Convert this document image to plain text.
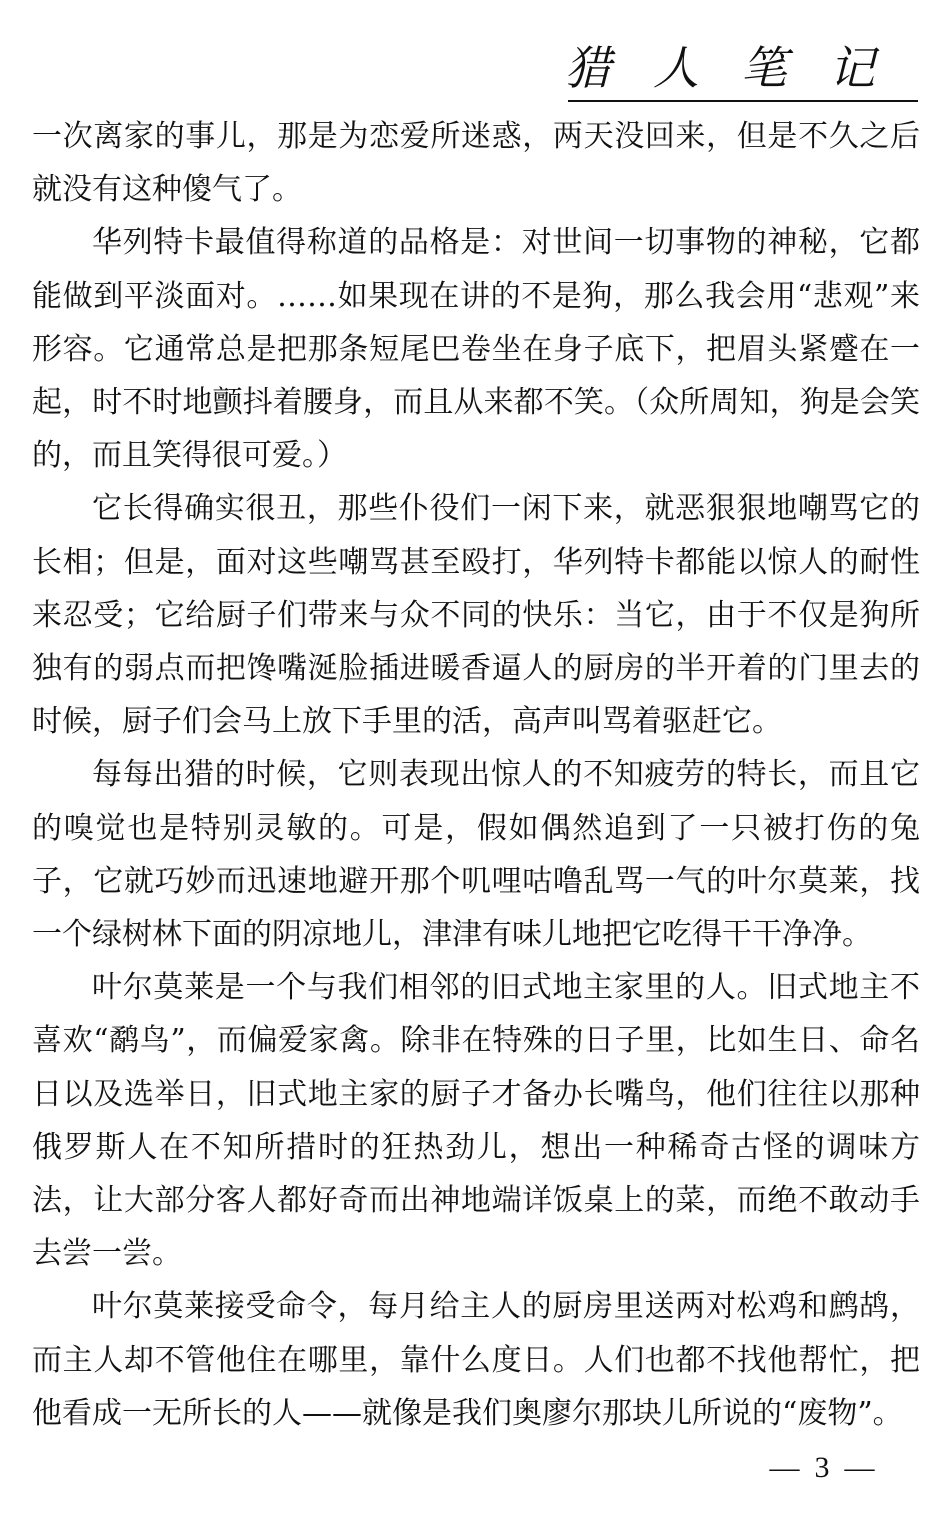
猎人笔记

一次离家的事儿，那是为恋爱所迷惑，两天没回来，但是不久之后就没有这种傻气了。

华列特卡最值得称道的品格是：对世间一切事物的神秘，它都能做到平淡面对。……如果现在讲的不是狗，那么我会用“悲观”来形容。它通常总是把那条短尾巴卷坐在身子底下，把眉头紧蹙在一起，时不时地颤抖着腰身，而且从来都不笑。（众所周知，狗是会笑的，而且笑得很可爱。）

它长得确实很丑，那些仆役们一闲下来，就恶狠狠地嘲骂它的长相；但是，面对这些嘲骂甚至殴打，华列特卡都能以惊人的耐性来忍受；它给厨子们带来与众不同的快乐：当它，由于不仅是狗所独有的弱点而把馋嘴涎脸插进暖香逼人的厨房的半开着的门里去的时候，厨子们会马上放下手里的活，高声叫骂着驱赶它。

每每出猎的时候，它则表现出惊人的不知疲劳的特长，而且它的嗅觉也是特别灵敏的。可是，假如偶然追到了一只被打伤的兔子，它就巧妙而迅速地避开那个叽哩咕噜乱骂一气的叶尔莫莱，找一个绿树林下面的阴凉地儿，津津有味儿地把它吃得干干净净。

叶尔莫莱是一个与我们相邻的旧式地主家里的人。旧式地主不喜欢“鹬鸟”，而偏爱家禽。除非在特殊的日子里，比如生日、命名日以及选举日，旧式地主家的厨子才备办长嘴鸟，他们往往以那种俄罗斯人在不知所措时的狂热劲儿，想出一种稀奇古怪的调味方法，让大部分客人都好奇而出神地端详饭桌上的菜，而绝不敢动手去尝一尝。

叶尔莫莱接受命令，每月给主人的厨房里送两对松鸡和鹧鸪，而主人却不管他住在哪里，靠什么度日。人们也都不找他帮忙，把他看成一无所长的人——就像是我们奥廖尔那块儿所说的“废物”。

—  3  —
